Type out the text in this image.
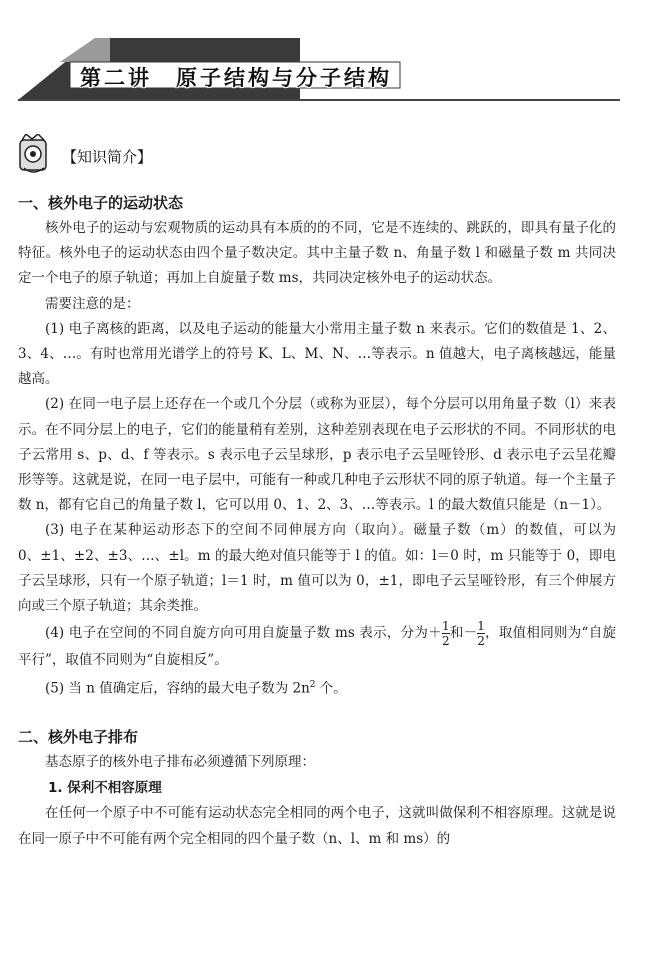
第二讲　原子结构与分子结构
【知识简介】
一、核外电子的运动状态

核外电子的运动与宏观物质的运动具有本质的的不同，它是不连续的、跳跃的，即具有量子化的特征。核外电子的运动状态由四个量子数决定。其中主量子数 n、角量子数 l 和磁量子数 m 共同决定一个电子的原子轨道；再加上自旋量子数 ms，共同决定核外电子的运动状态。

需要注意的是：

(1) 电子离核的距离，以及电子运动的能量大小常用主量子数 n 来表示。它们的数值是 1、2、3、4、…。有时也常用光谱学上的符号 K、L、M、N、…等表示。n 值越大，电子离核越远，能量越高。

(2) 在同一电子层上还存在一个或几个分层（或称为亚层），每个分层可以用角量子数（l）来表示。在不同分层上的电子，它们的能量稍有差别，这种差别表现在电子云形状的不同。不同形状的电子云常用 s、p、d、f 等表示。s 表示电子云呈球形，p 表示电子云呈哑铃形、d 表示电子云呈花瓣形等等。这就是说，在同一电子层中，可能有一种或几种电子云形状不同的原子轨道。每一个主量子数 n，都有它自己的角量子数 l，它可以用 0、1、2、3、…等表示。l 的最大数值只能是（n－1）。

(3) 电子在某种运动形态下的空间不同伸展方向（取向）。磁量子数（m）的数值，可以为 0、±1、±2、±3、…、±l。m 的最大绝对值只能等于 l 的值。如：l＝0 时，m 只能等于 0，即电子云呈球形，只有一个原子轨道；l＝1 时，m 值可以为 0，±1，即电子云呈哑铃形，有三个伸展方向或三个原子轨道；其余类推。

(4) 电子在空间的不同自旋方向可用自旋量子数 ms 表示，分为＋ $\frac{1}{2}$ 和－ $\frac{1}{2}$ ，取值相同则为“自旋平行”，取值不同则为“自旋相反”。

(5) 当 n 值确定后，容纳的最大电子数为 $2n^2$ 个。

二、核外电子排布

基态原子的核外电子排布必须遵循下列原理：

1. 保利不相容原理

在任何一个原子中不可能有运动状态完全相同的两个电子，这就叫做保利不相容原理。这就是说在同一原子中不可能有两个完全相同的四个量子数（n、l、m 和 ms）的
